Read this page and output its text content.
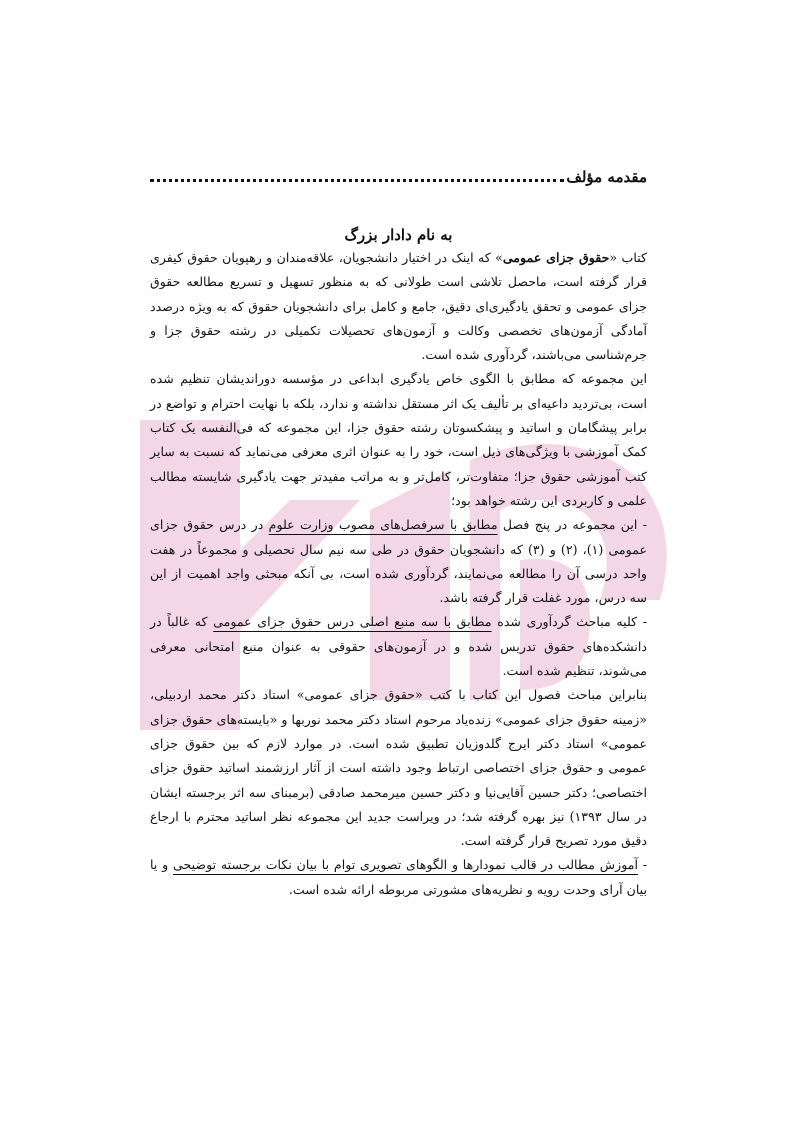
مقدمه مؤلف
به نام دادار بزرگ

کتاب «حقوق جزای عمومی» که اینک در اختیار دانشجویان، علاقه‌مندان و رهپویان حقوق کیفری قرار گرفته است، ماحصل تلاشی است طولانی که به منظور تسهیل و تسریع مطالعه حقوق جزای عمومی و تحقق یادگیری‌ای دقیق، جامع و کامل برای دانشجویان حقوق که به ویژه درصدد آمادگی آزمون‌های تخصصی وکالت و آزمون‌های تحصیلات تکمیلی در رشته حقوق جزا و جرم‌شناسی می‌باشند، گردآوری شده است.

این مجموعه که مطابق با الگوی خاص یادگیری ابداعی در مؤسسه دوراندیشان تنظیم شده است، بی‌تردید داعیه‌ای بر تألیف یک اثر مستقل نداشته و ندارد، بلکه با نهایت احترام و تواضع در برابر پیشگامان و اساتید و پیشکسوتان رشته حقوق جزا، این مجموعه که فی‌النفسه یک کتاب کمک آموزشی با ویژگی‌های ذیل است، خود را به عنوان اثری معرفی می‌نماید که نسبت به سایر کتب آموزشی حقوق جزا؛ متفاوت‌تر، کامل‌تر و به مراتب مفیدتر جهت یادگیری شایسته مطالب علمی و کاربردی این رشته خواهد بود؛

- این مجموعه در پنج فصل مطابق با سرفصل‌های مصوب وزارت علوم در درس حقوق جزای عمومی (۱)، (۲) و (۳) که دانشجویان حقوق در طی سه نیم سال تحصیلی و مجموعاً در هفت واحد درسی آن را مطالعه می‌نمایند، گردآوری شده است، بی آنکه مبحثی واجد اهمیت از این سه درس، مورد غفلت قرار گرفته باشد.

- کلیه مباحث گردآوری شده مطابق با سه منبع اصلی درس حقوق جزای عمومی که غالباً در دانشکده‌های حقوق تدریس شده و در آزمون‌های حقوقی به عنوان منبع امتحانی معرفی می‌شوند، تنظیم شده است.

بنابراین مباحث فصول این کتاب با کتب «حقوق جزای عمومی» استاد دکتر محمد اردبیلی، «زمینه حقوق جزای عمومی» زنده‌یاد مرحوم استاد دکتر محمد نوربها و «بایسته‌های حقوق جزای عمومی» استاد دکتر ایرج گلدوزیان تطبیق شده است. در موارد لازم که بین حقوق جزای عمومی و حقوق جزای اختصاصی ارتباط وجود داشته است از آثار ارزشمند اساتید حقوق جزای اختصاصی؛ دکتر حسین آقایی‌نیا و دکتر حسین میرمحمد صادقی (برمبنای سه اثر برجسته ایشان در سال ۱۳۹۳) نیز بهره گرفته شد؛ در ویراست جدید این مجموعه نظر اساتید محترم با ارجاع دقیق مورد تصریح قرار گرفته است.

- آموزش مطالب در قالب نمودارها و الگوهای تصویری توام با بیان نکات برجسته توضیحی و یا بیان آرای وحدت رویه و نظریه‌های مشورتی مربوطه ارائه شده است.
